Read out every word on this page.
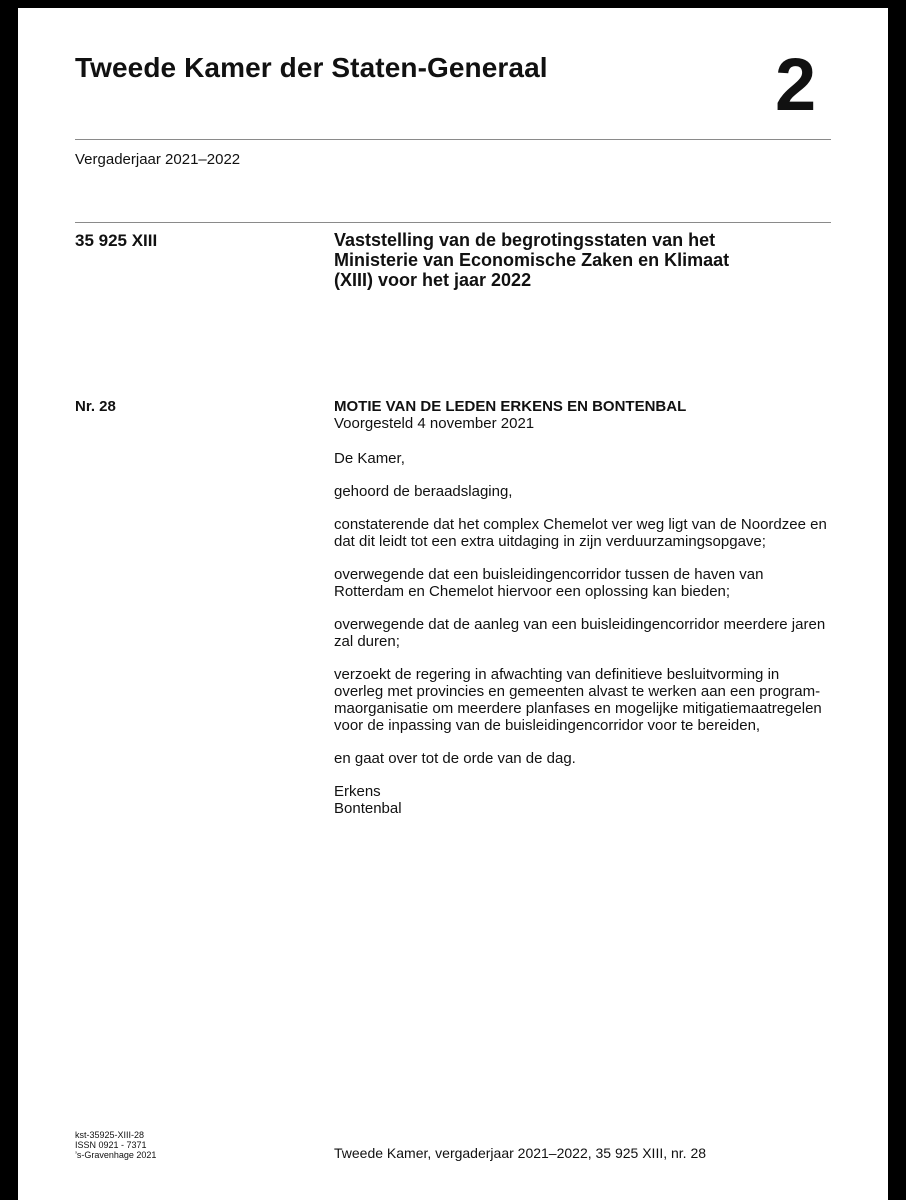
Tweede Kamer der Staten-Generaal	2
Vergaderjaar 2021–2022
35 925 XIII	Vaststelling van de begrotingsstaten van het
Ministerie van Economische Zaken en Klimaat
(XIII) voor het jaar 2022
Nr. 28	MOTIE VAN DE LEDEN ERKENS EN BONTENBAL
Voorgesteld 4 november 2021

De Kamer,

gehoord de beraadslaging,

constaterende dat het complex Chemelot ver weg ligt van de Noordzee en
dat dit leidt tot een extra uitdaging in zijn verduurzamingsopgave;

overwegende dat een buisleidingencorridor tussen de haven van
Rotterdam en Chemelot hiervoor een oplossing kan bieden;

overwegende dat de aanleg van een buisleidingencorridor meerdere jaren
zal duren;

verzoekt de regering in afwachting van definitieve besluitvorming in
overleg met provincies en gemeenten alvast te werken aan een program-
maorganisatie om meerdere planfases en mogelijke mitigatiemaatregelen
voor de inpassing van de buisleidingencorridor voor te bereiden,

en gaat over tot de orde van de dag.

Erkens
Bontenbal

kst-35925-XIII-28
ISSN 0921 - 7371
’s-Gravenhage 2021	Tweede Kamer, vergaderjaar 2021–2022, 35 925 XIII, nr. 28
